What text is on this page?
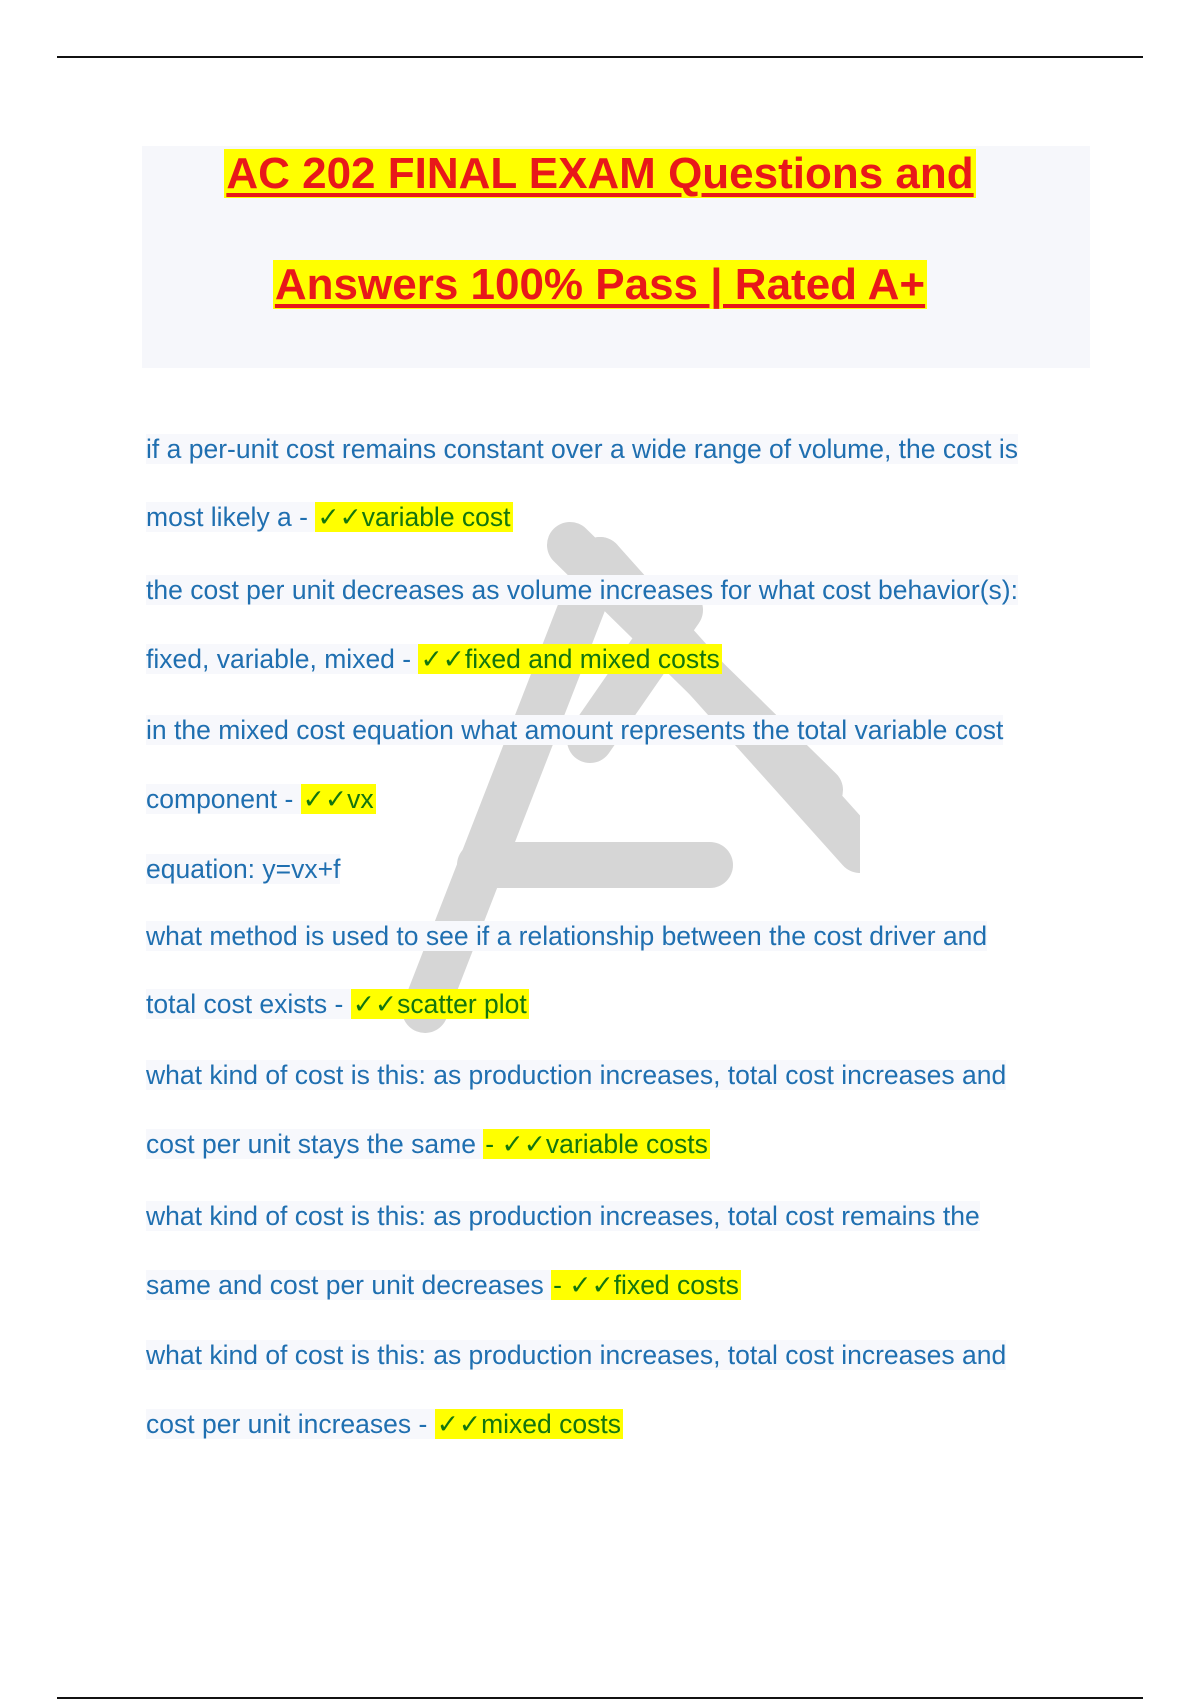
AC 202 FINAL EXAM Questions and
Answers 100% Pass | Rated A+

if a per-unit cost remains constant over a wide range of volume, the cost is

most likely a - ✓✓variable cost

the cost per unit decreases as volume increases for what cost behavior(s):

fixed, variable, mixed - ✓✓fixed and mixed costs

in the mixed cost equation what amount represents the total variable cost

component - ✓✓vx

equation: y=vx+f

what method is used to see if a relationship between the cost driver and

total cost exists - ✓✓scatter plot

what kind of cost is this: as production increases, total cost increases and

cost per unit stays the same - ✓✓variable costs

what kind of cost is this: as production increases, total cost remains the

same and cost per unit decreases - ✓✓fixed costs

what kind of cost is this: as production increases, total cost increases and

cost per unit increases - ✓✓mixed costs
